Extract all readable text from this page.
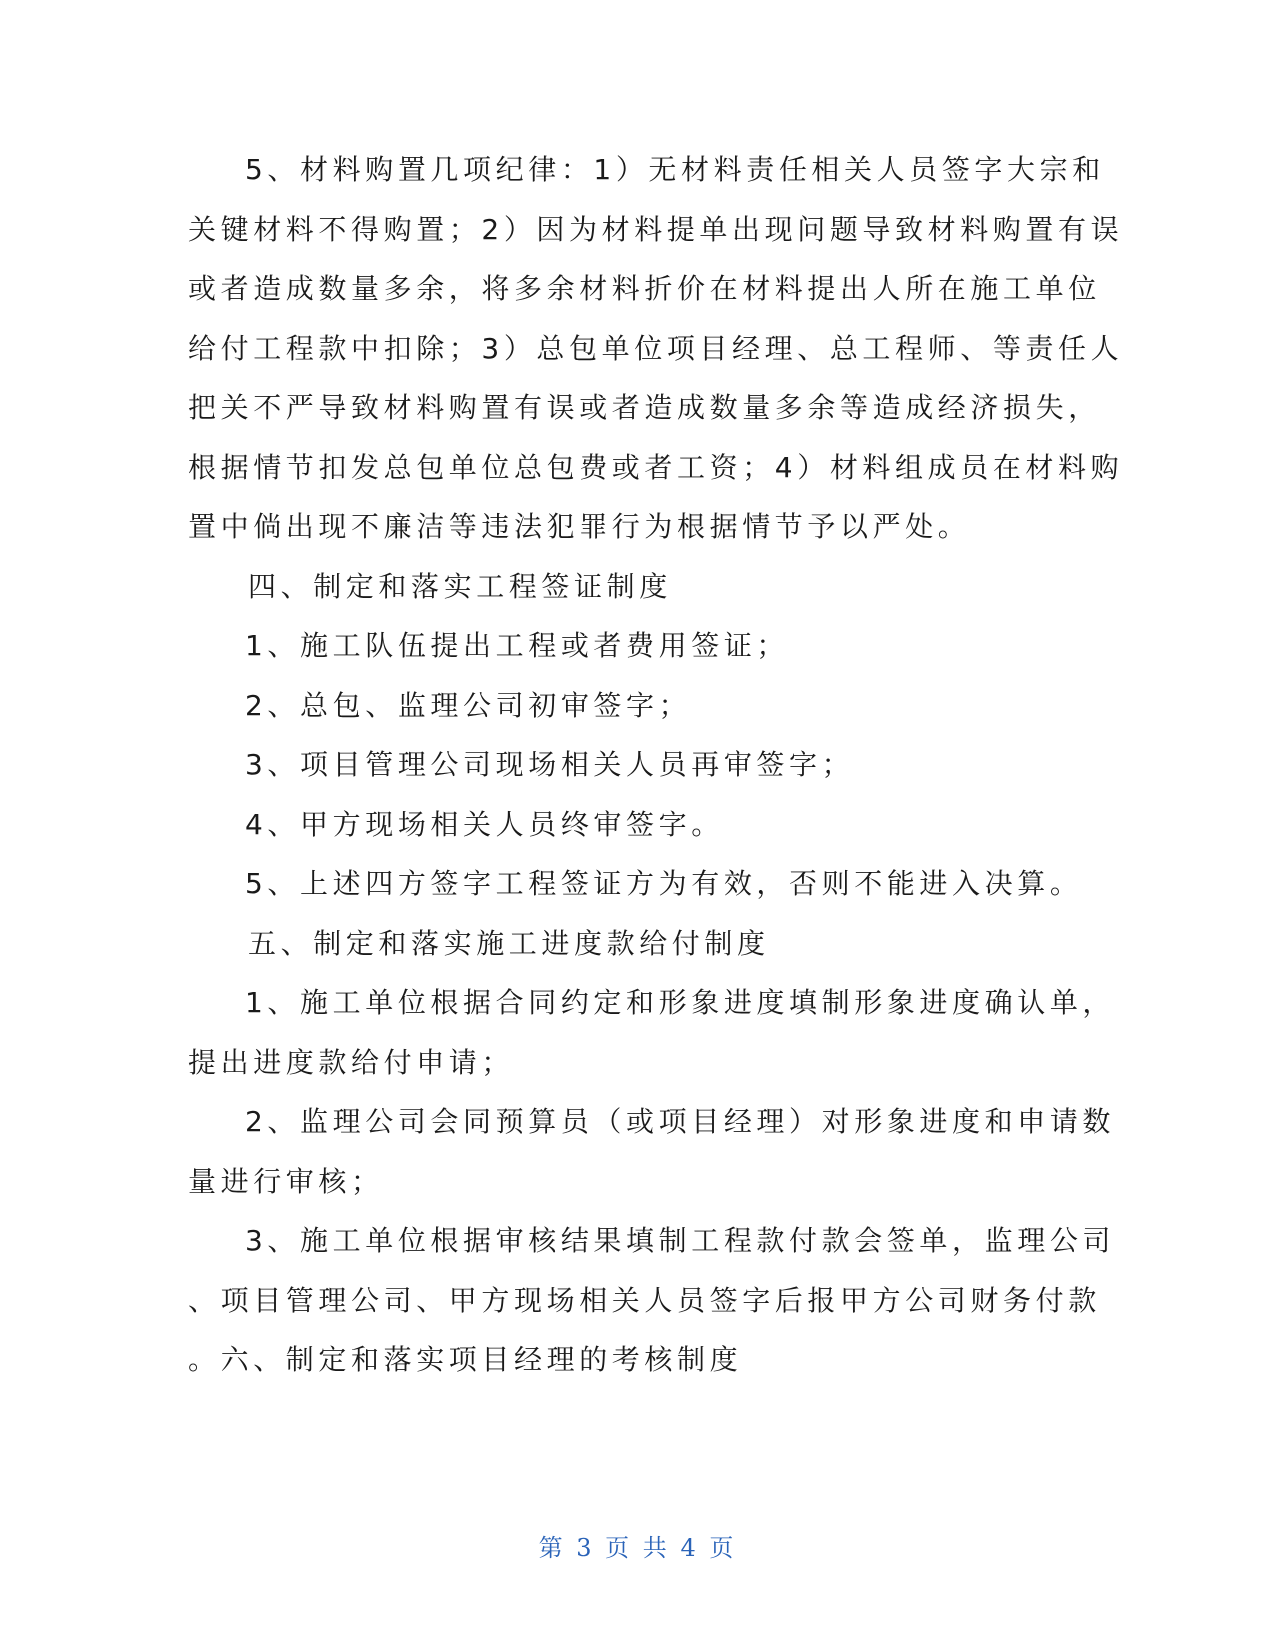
5、材料购置几项纪律：1）无材料责任相关人员签字大宗和
关键材料不得购置；2）因为材料提单出现问题导致材料购置有误
或者造成数量多余，将多余材料折价在材料提出人所在施工单位
给付工程款中扣除；3）总包单位项目经理、总工程师、等责任人
把关不严导致材料购置有误或者造成数量多余等造成经济损失，
根据情节扣发总包单位总包费或者工资；4）材料组成员在材料购
置中倘出现不廉洁等违法犯罪行为根据情节予以严处。

四、制定和落实工程签证制度

1、施工队伍提出工程或者费用签证；

2、总包、监理公司初审签字；

3、项目管理公司现场相关人员再审签字；

4、甲方现场相关人员终审签字。

5、上述四方签字工程签证方为有效，否则不能进入决算。

五、制定和落实施工进度款给付制度

1、施工单位根据合同约定和形象进度填制形象进度确认单，
提出进度款给付申请；

2、监理公司会同预算员（或项目经理）对形象进度和申请数
量进行审核；

3、施工单位根据审核结果填制工程款付款会签单，监理公司
、项目管理公司、甲方现场相关人员签字后报甲方公司财务付款
。六、制定和落实项目经理的考核制度

第 3 页 共 4 页
